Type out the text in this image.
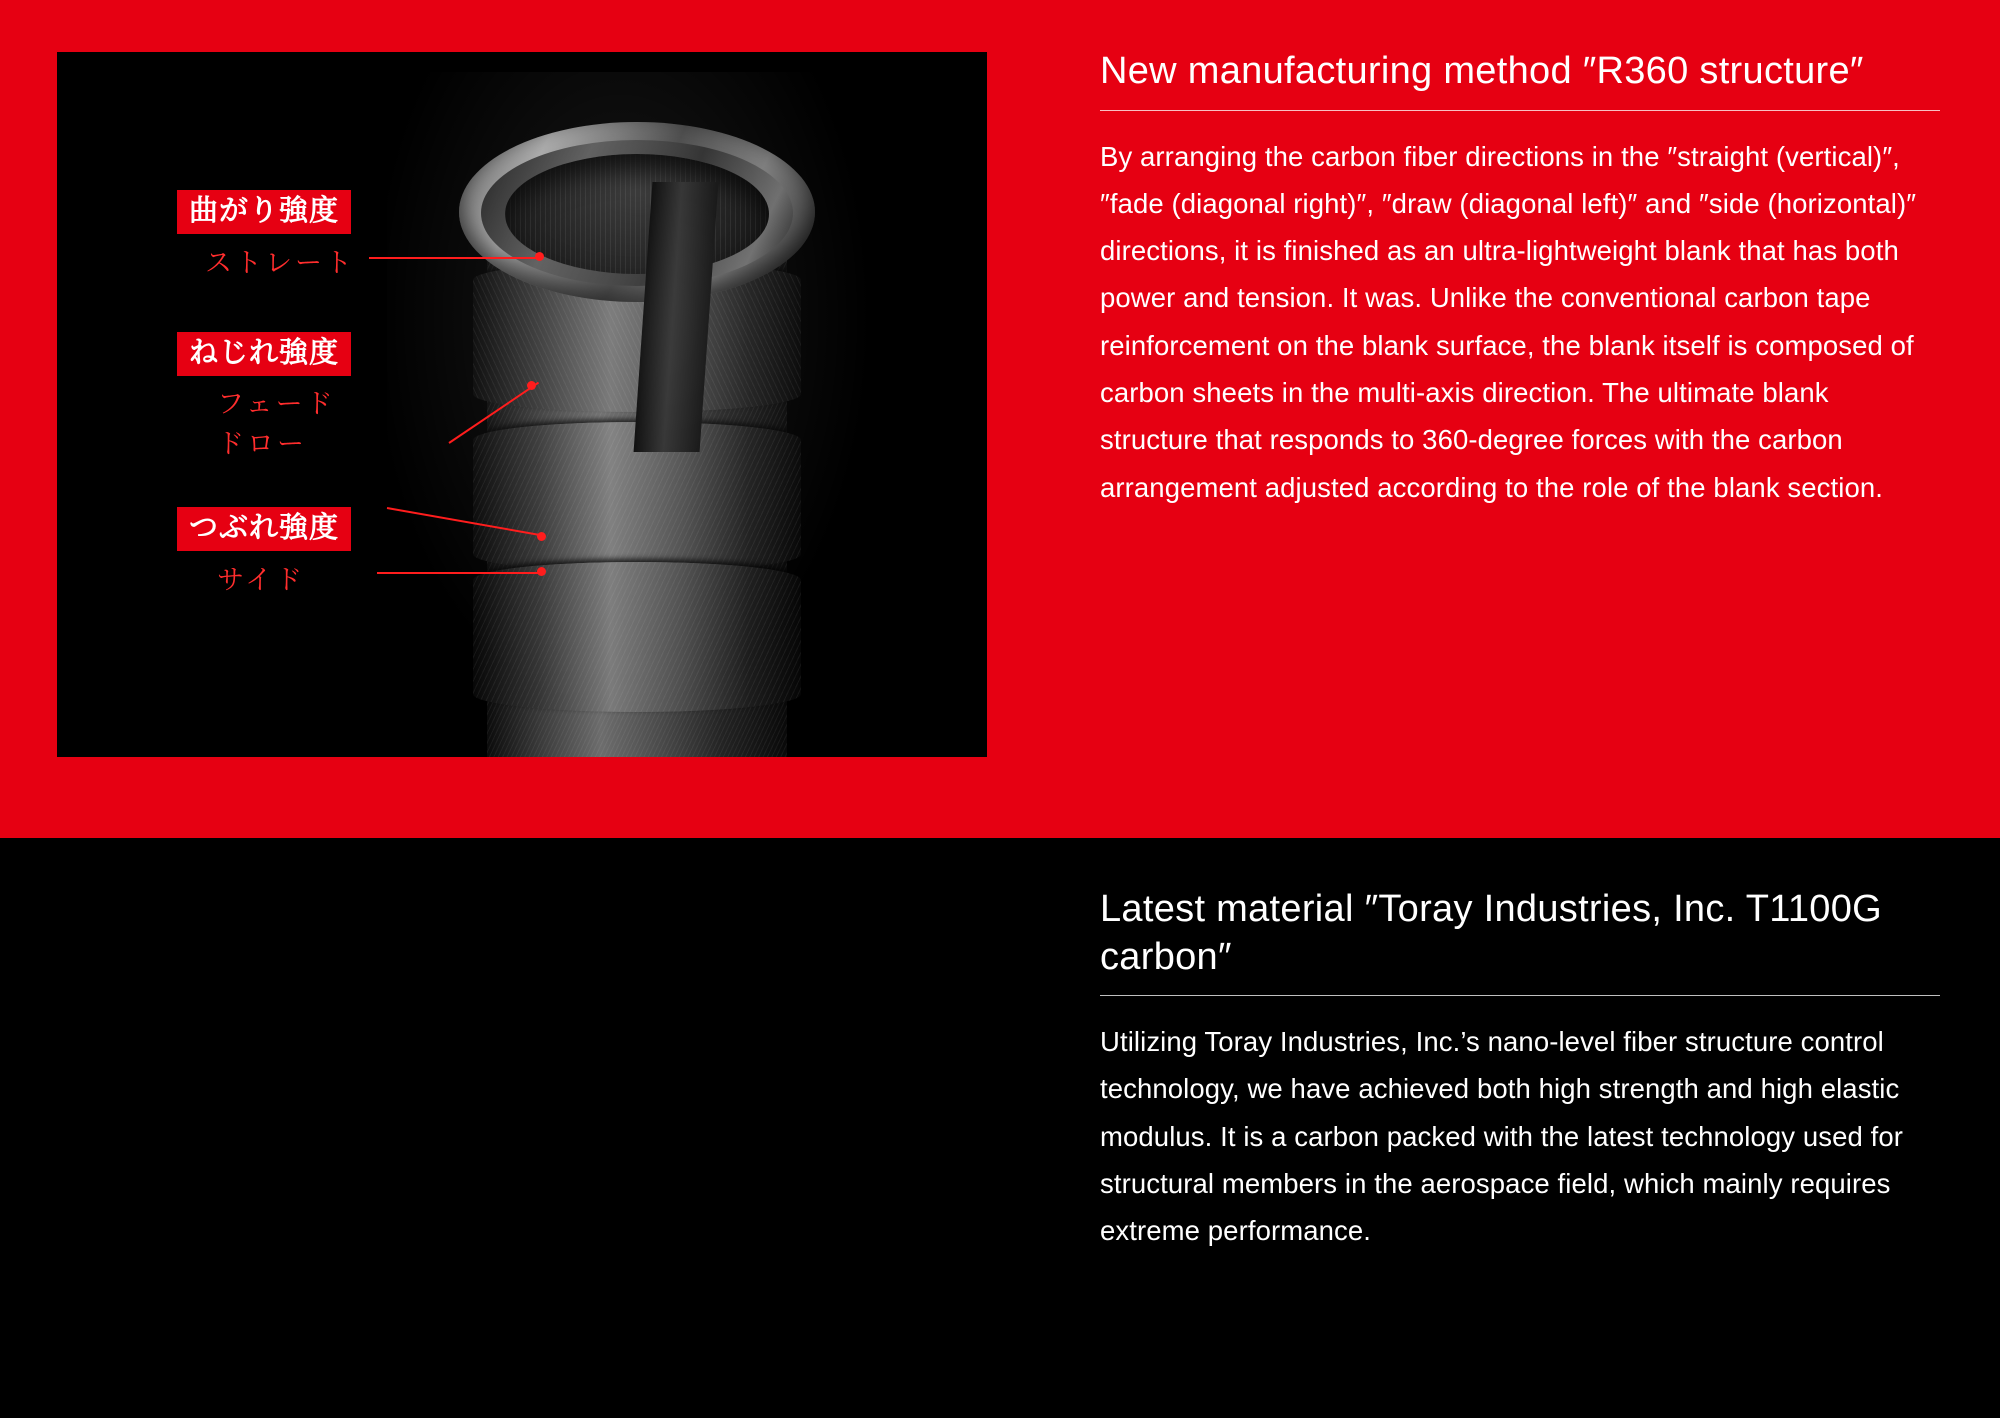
曲がり強度
ストレート
ねじれ強度
フェード
ドロー
つぶれ強度
サイド
New manufacturing method ″R360 structure″

By arranging the carbon fiber directions in the ″straight (vertical)″, ″fade (diagonal right)″, ″draw (diagonal left)″ and ″side (horizontal)″ directions, it is finished as an ultra-lightweight blank that has both power and tension. It was. Unlike the conventional carbon tape reinforcement on the blank surface, the blank itself is composed of carbon sheets in the multi-axis direction. The ultimate blank structure that responds to 360-degree forces with the carbon arrangement adjusted according to the role of the blank section.

Latest material ″Toray Industries, Inc. T1100G carbon″

Utilizing Toray Industries, Inc.’s nano-level fiber structure control technology, we have achieved both high strength and high elastic modulus. It is a carbon packed with the latest technology used for structural members in the aerospace field, which mainly requires extreme performance.
